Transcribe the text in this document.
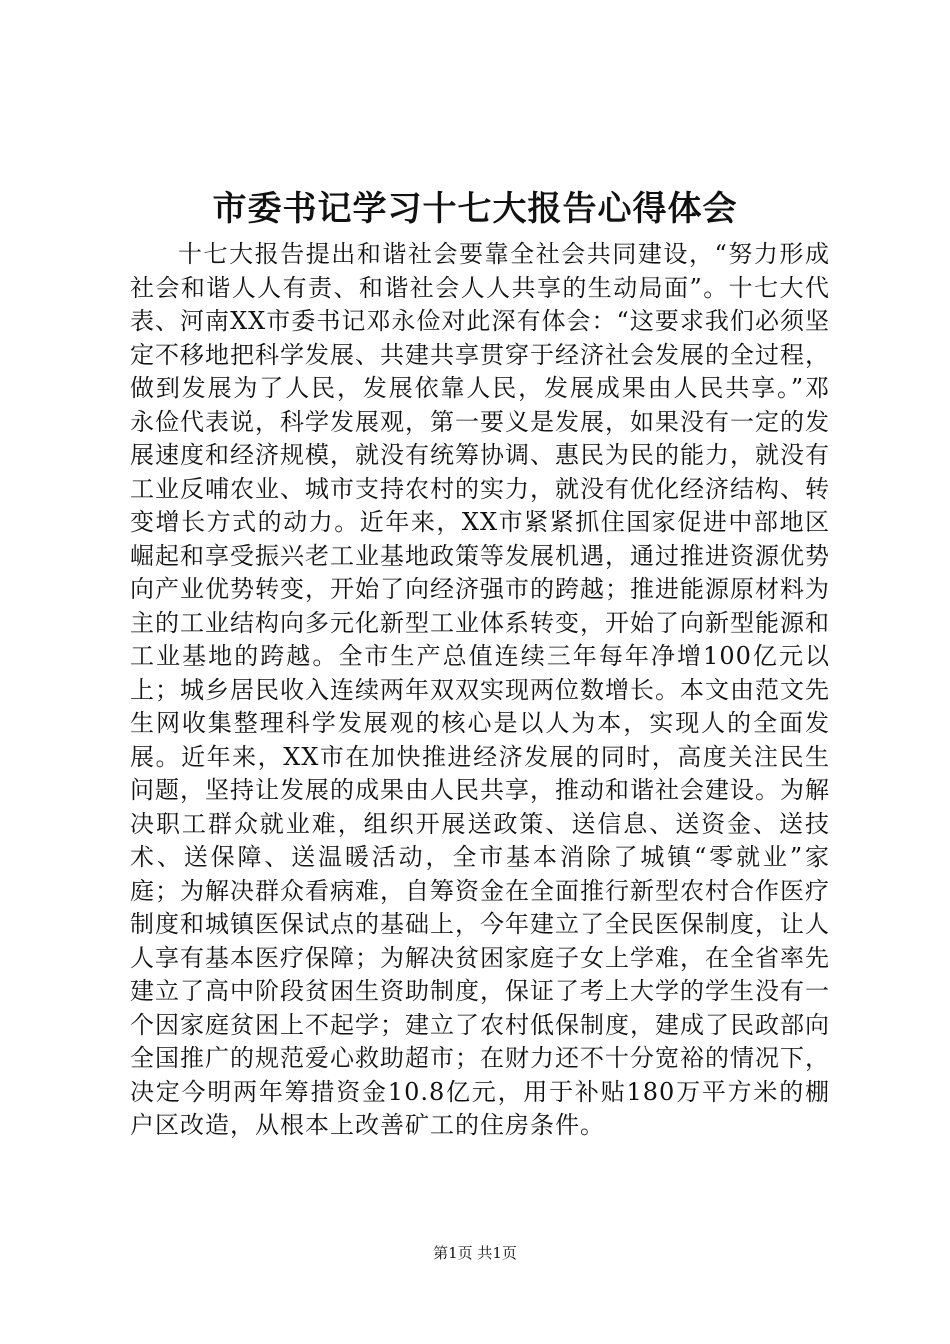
市委书记学习十七大报告心得体会

十七大报告提出和谐社会要靠全社会共同建设，“努力形成社会和谐人人有责、和谐社会人人共享的生动局面”。十七大代表、河南XX市委书记邓永俭对此深有体会：“这要求我们必须坚定不移地把科学发展、共建共享贯穿于经济社会发展的全过程，做到发展为了人民，发展依靠人民，发展成果由人民共享。”邓永俭代表说，科学发展观，第一要义是发展，如果没有一定的发展速度和经济规模，就没有统筹协调、惠民为民的能力，就没有工业反哺农业、城市支持农村的实力，就没有优化经济结构、转变增长方式的动力。近年来，XX市紧紧抓住国家促进中部地区崛起和享受振兴老工业基地政策等发展机遇，通过推进资源优势向产业优势转变，开始了向经济强市的跨越；推进能源原材料为主的工业结构向多元化新型工业体系转变，开始了向新型能源和工业基地的跨越。全市生产总值连续三年每年净增100亿元以上；城乡居民收入连续两年双双实现两位数增长。本文由范文先生网收集整理科学发展观的核心是以人为本，实现人的全面发展。近年来，XX市在加快推进经济发展的同时，高度关注民生问题，坚持让发展的成果由人民共享，推动和谐社会建设。为解决职工群众就业难，组织开展送政策、送信息、送资金、送技术、送保障、送温暖活动，全市基本消除了城镇“零就业”家庭；为解决群众看病难，自筹资金在全面推行新型农村合作医疗制度和城镇医保试点的基础上，今年建立了全民医保制度，让人人享有基本医疗保障；为解决贫困家庭子女上学难，在全省率先建立了高中阶段贫困生资助制度，保证了考上大学的学生没有一个因家庭贫困上不起学；建立了农村低保制度，建成了民政部向全国推广的规范爱心救助超市；在财力还不十分宽裕的情况下，决定今明两年筹措资金10.8亿元，用于补贴180万平方米的棚户区改造，从根本上改善矿工的住房条件。

第1页 共1页
